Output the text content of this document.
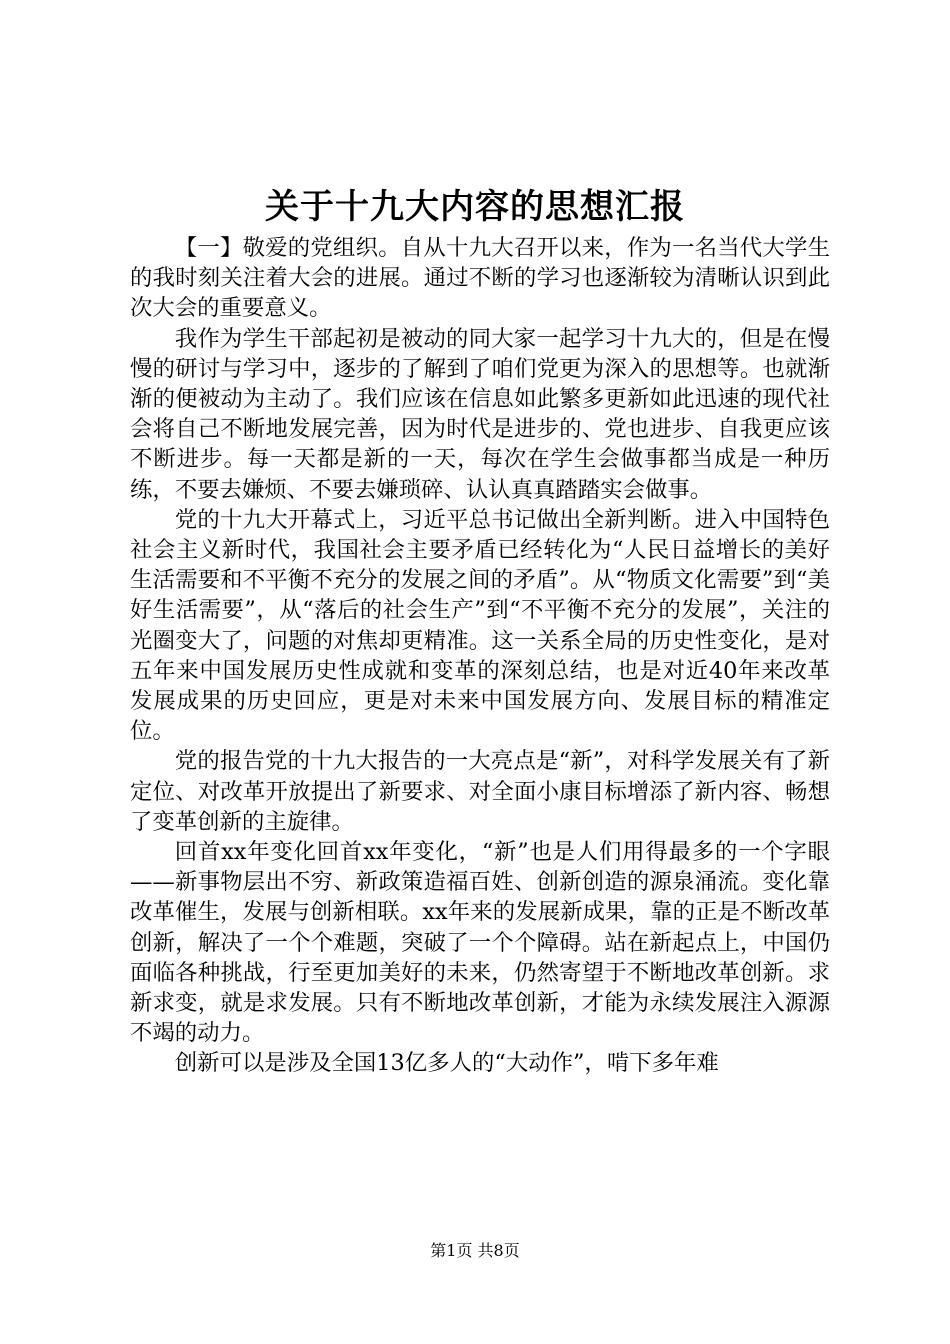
关于十九大内容的思想汇报

【一】敬爱的党组织。自从十九大召开以来，作为一名当代大学生的我时刻关注着大会的进展。通过不断的学习也逐渐较为清晰认识到此次大会的重要意义。

我作为学生干部起初是被动的同大家一起学习十九大的，但是在慢慢的研讨与学习中，逐步的了解到了咱们党更为深入的思想等。也就渐渐的便被动为主动了。我们应该在信息如此繁多更新如此迅速的现代社会将自己不断地发展完善，因为时代是进步的、党也进步、自我更应该不断进步。每一天都是新的一天，每次在学生会做事都当成是一种历练，不要去嫌烦、不要去嫌琐碎、认认真真踏踏实会做事。

党的十九大开幕式上，习近平总书记做出全新判断。进入中国特色社会主义新时代，我国社会主要矛盾已经转化为“人民日益增长的美好生活需要和不平衡不充分的发展之间的矛盾”。从“物质文化需要”到“美好生活需要”，从“落后的社会生产”到“不平衡不充分的发展”，关注的光圈变大了，问题的对焦却更精准。这一关系全局的历史性变化，是对五年来中国发展历史性成就和变革的深刻总结，也是对近40年来改革发展成果的历史回应，更是对未来中国发展方向、发展目标的精准定位。

党的报告党的十九大报告的一大亮点是“新”，对科学发展关有了新定位、对改革开放提出了新要求、对全面小康目标增添了新内容、畅想了变革创新的主旋律。

回首xx年变化回首xx年变化，“新”也是人们用得最多的一个字眼——新事物层出不穷、新政策造福百姓、创新创造的源泉涌流。变化靠改革催生，发展与创新相联。xx年来的发展新成果，靠的正是不断改革创新，解决了一个个难题，突破了一个个障碍。站在新起点上，中国仍面临各种挑战，行至更加美好的未来，仍然寄望于不断地改革创新。求新求变，就是求发展。只有不断地改革创新，才能为永续发展注入源源不竭的动力。

创新可以是涉及全国13亿多人的“大动作”，啃下多年难

第1页 共8页
